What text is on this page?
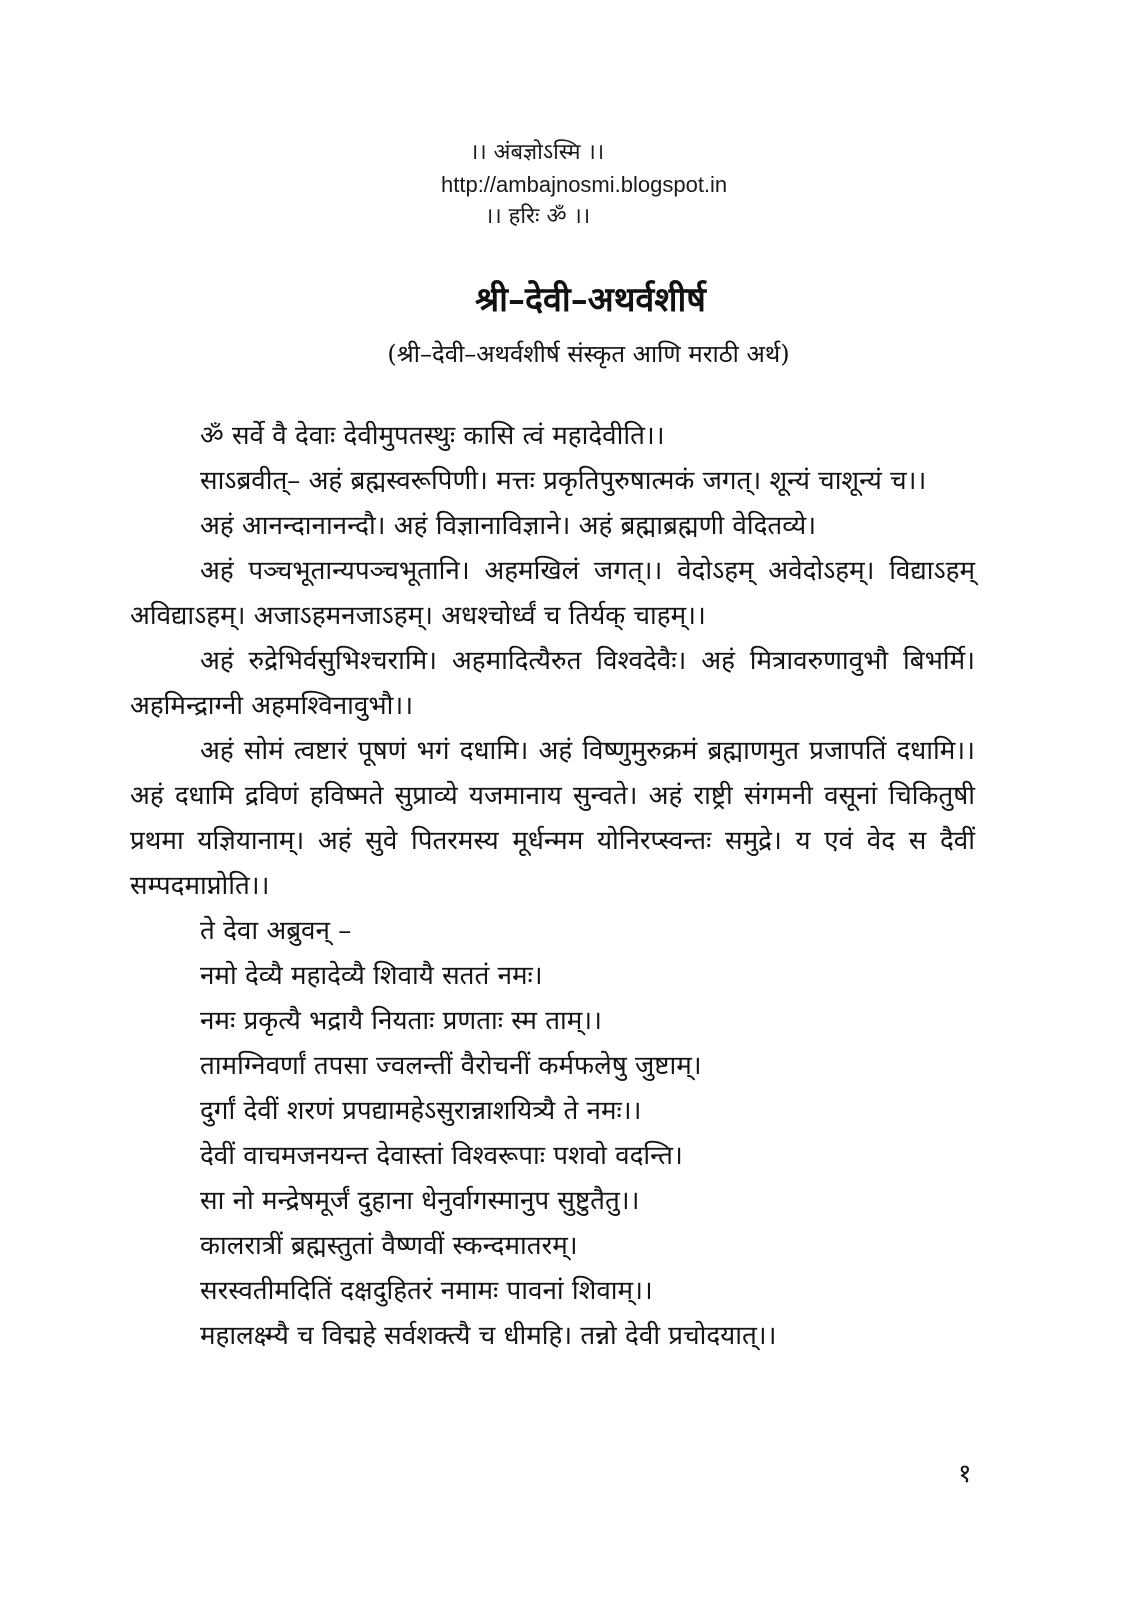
।। अंबज्ञोऽस्मि ।।
http://ambajnosmi.blogspot.in
।। हरिः ॐ ।।
श्री–देवी–अथर्वशीर्ष
(श्री–देवी–अथर्वशीर्ष संस्कृत आणि मराठी अर्थ)

ॐ सर्वे वै देवाः देवीमुपतस्थुः कासि त्वं महादेवीति।।

साऽब्रवीत्– अहं ब्रह्मस्वरूपिणी। मत्तः प्रकृतिपुरुषात्मकं जगत्। शून्यं चाशून्यं च।।

अहं आनन्दानानन्दौ। अहं विज्ञानाविज्ञाने। अहं ब्रह्माब्रह्मणी वेदितव्ये।

अहं पञ्चभूतान्यपञ्चभूतानि। अहमखिलं जगत्।। वेदोऽहम् अवेदोऽहम्। विद्याऽहम् अविद्याऽहम्। अजाऽहमनजाऽहम्। अधश्चोर्ध्वं च तिर्यक् चाहम्।।

अहं रुद्रेभिर्वसुभिश्चरामि। अहमादित्यैरुत विश्वदेवैः। अहं मित्रावरुणावुभौ बिभर्मि। अहमिन्द्राग्नी अहमश्विनावुभौ।।

अहं सोमं त्वष्टारं पूषणं भगं दधामि। अहं विष्णुमुरुक्रमं ब्रह्माणमुत प्रजापतिं दधामि।। अहं दधामि द्रविणं हविष्मते सुप्राव्ये यजमानाय सुन्वते। अहं राष्ट्री संगमनी वसूनां चिकितुषी प्रथमा यज्ञियानाम्। अहं सुवे पितरमस्य मूर्धन्मम योनिरप्स्वन्तः समुद्रे। य एवं वेद स दैवीं सम्पदमाप्नोति।।

ते देवा अब्रुवन् –

नमो देव्यै महादेव्यै शिवायै सततं नमः।

नमः प्रकृत्यै भद्रायै नियताः प्रणताः स्म ताम्।।

तामग्निवर्णां तपसा ज्वलन्तीं वैरोचनीं कर्मफलेषु जुष्टाम्।

दुर्गां देवीं शरणं प्रपद्यामहेऽसुरान्नाशयित्र्यै ते नमः।।

देवीं वाचमजनयन्त देवास्तां विश्वरूपाः पशवो वदन्ति।

सा नो मन्द्रेषमूर्जं दुहाना धेनुर्वागस्मानुप सुष्टुतैतु।।

कालरात्रीं ब्रह्मस्तुतां वैष्णवीं स्कन्दमातरम्।

सरस्वतीमदितिं दक्षदुहितरं नमामः पावनां शिवाम्।।

महालक्ष्म्यै च विद्महे सर्वशक्त्यै च धीमहि। तन्नो देवी प्रचोदयात्।।

१
